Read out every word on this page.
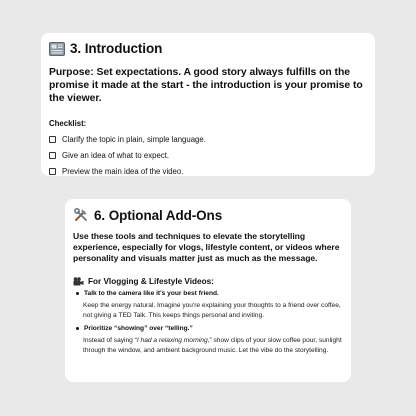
3. Introduction
Purpose: Set expectations. A good story always fulfills on the promise it made at the start - the introduction is your promise to the viewer.
Checklist:
Clarify the topic in plain, simple language.
Give an idea of what to expect.
Preview the main idea of the video.
6. Optional Add-Ons
Use these tools and techniques to elevate the storytelling experience, especially for vlogs, lifestyle content, or videos where personality and visuals matter just as much as the message.
For Vlogging & Lifestyle Videos:
Talk to the camera like it's your best friend.
Keep the energy natural. Imagine you're explaining your thoughts to a friend over coffee, not giving a TED Talk. This keeps things personal and inviting.
Prioritize “showing” over “telling.”
Instead of saying “I had a relaxing morning,” show clips of your slow coffee pour, sunlight through the window, and ambient background music. Let the vibe do the storytelling.
